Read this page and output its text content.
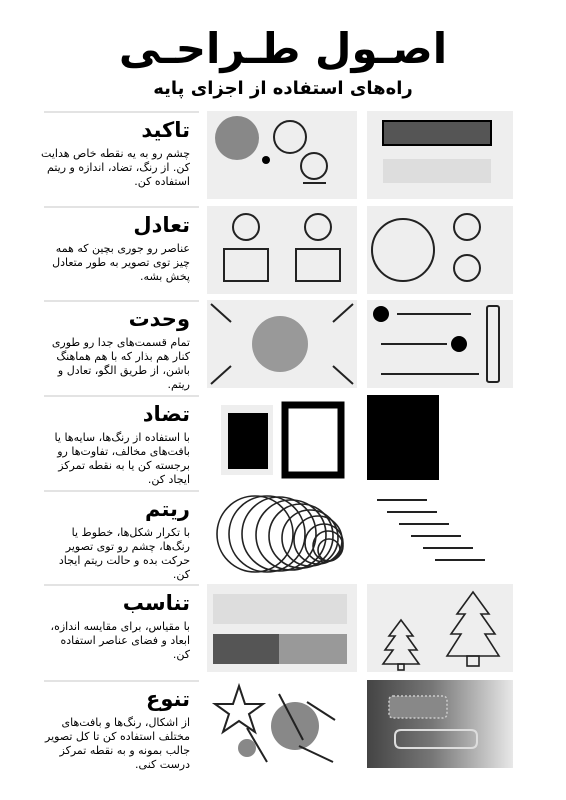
اصـول طـراحـی
راه‌های استفاده از اجزای پایه
تاکید
چشم رو به یه نقطه خاص هدایت کن. از رنگ، تضاد، اندازه و ریتم استفاده کن.
تعادل
عناصر رو جوری بچین که همه چیز توی تصویر به طور متعادل پخش بشه.
وحدت
تمام قسمت‌های جدا رو طوری کنار هم بذار که با هم هماهنگ باشن، از طریق الگو، تعادل و ریتم.
تضاد
با استفاده از رنگ‌ها، سایه‌ها یا بافت‌های مخالف، تفاوت‌ها رو برجسته کن یا به نقطه تمرکز ایجاد کن.
ریتم
با تکرار شکل‌ها، خطوط یا رنگ‌ها، چشم رو توی تصویر حرکت بده و حالت ریتم ایجاد کن.
تناسب
با مقیاس، برای مقایسه اندازه، ابعاد و فضای عناصر استفاده کن.
تنوع
از اشکال، رنگ‌ها و بافت‌های مختلف استفاده کن تا کل تصویر جالب بمونه و به نقطه تمرکز درست کنی.
